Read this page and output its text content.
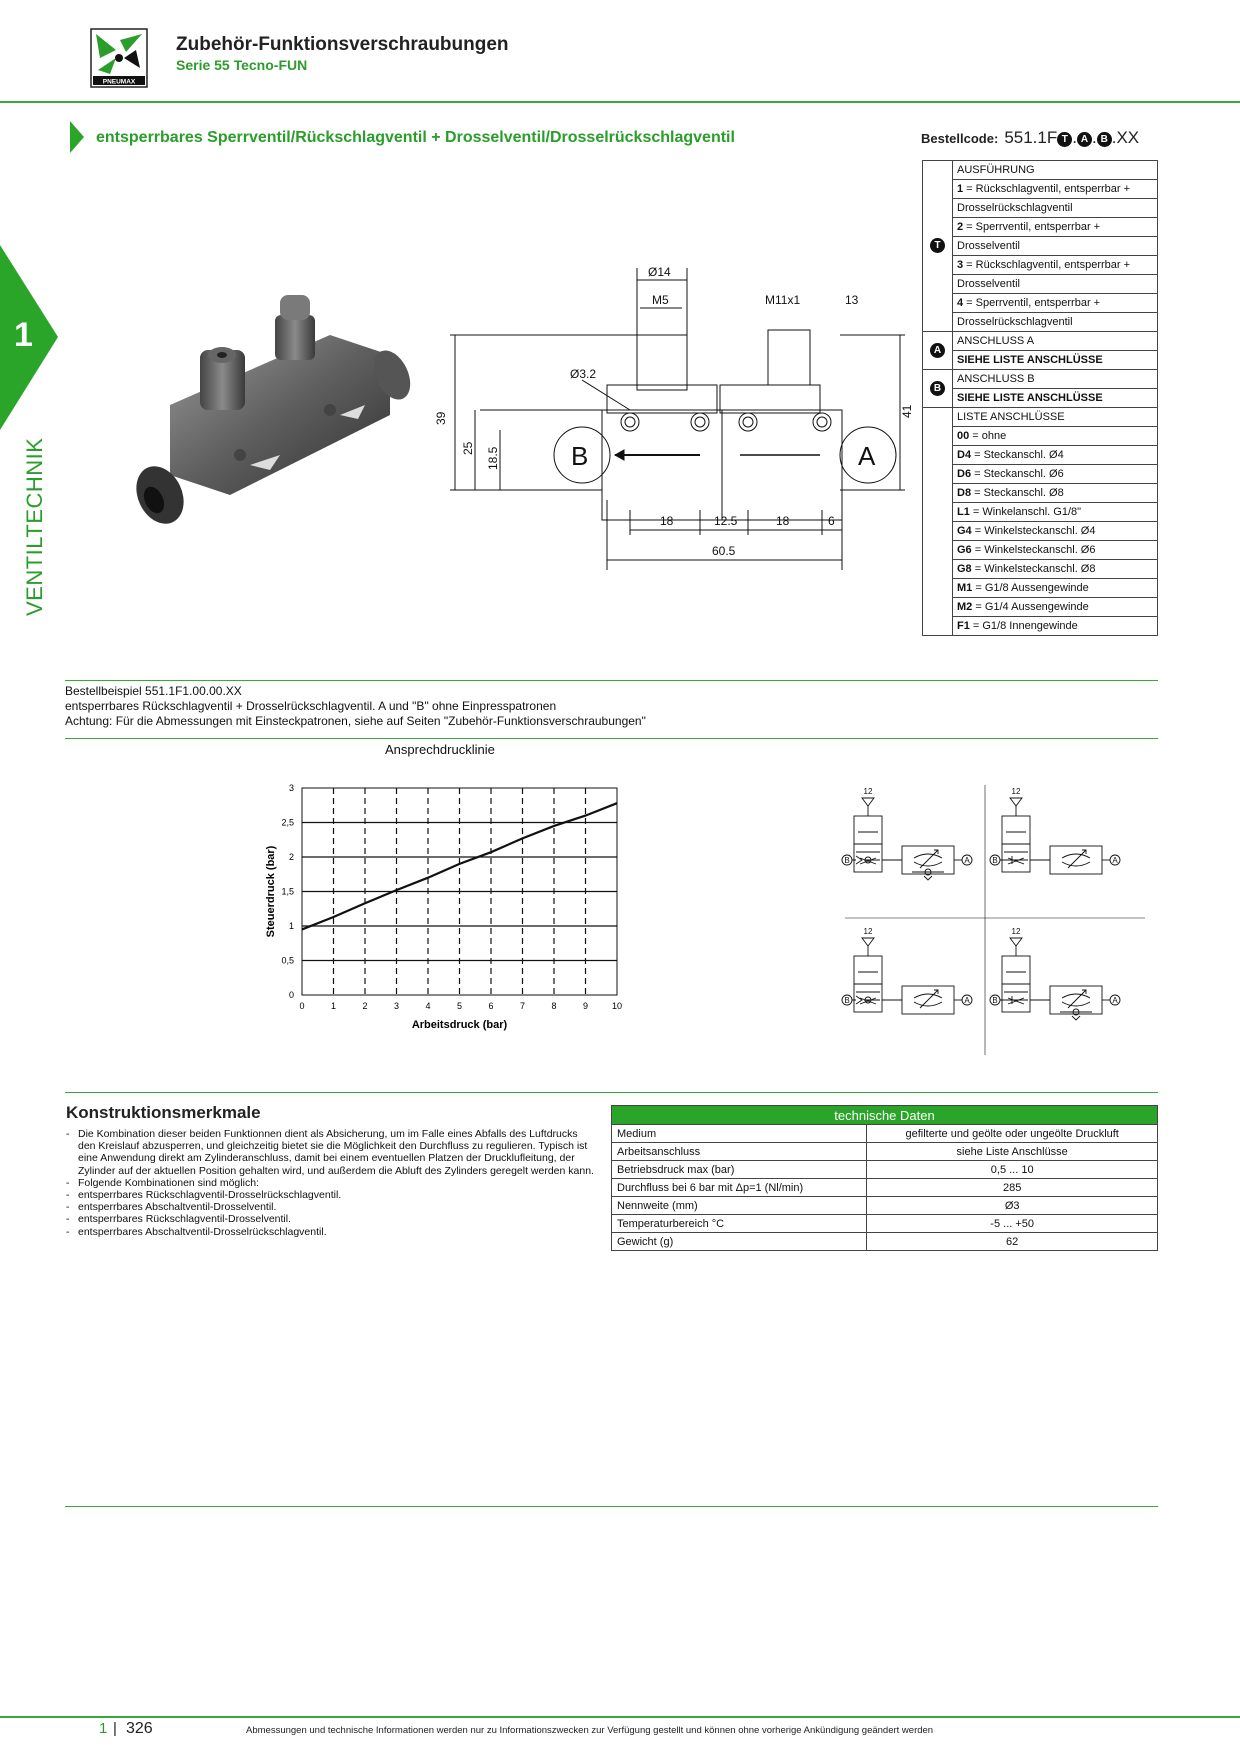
PNEUMAX
Zubehör-Funktionsverschraubungen
Serie 55 Tecno-FUN
1
VENTILTECHNIK
entsperrbares Sperrventil/Rückschlagventil + Drosselventil/Drosselrückschlagventil	Bestellcode: 551.1F T . A . B .XX
T	AUSFÜHRUNG
	1 = Rückschlagventil, entsperrbar +
	Drosselrückschlagventil
	2 = Sperrventil, entsperrbar +
	Drosselventil
	3 = Rückschlagventil, entsperrbar +
	Drosselventil
	4 = Sperrventil, entsperrbar +
	Drosselrückschlagventil
A	ANSCHLUSS A
	SIEHE LISTE ANSCHLÜSSE
B	ANSCHLUSS B
	SIEHE LISTE ANSCHLÜSSE
	LISTE ANSCHLÜSSE
	00 = ohne
	D4 = Steckanschl. Ø4
	D6 = Steckanschl. Ø6
	D8 = Steckanschl. Ø8
	L1 = Winkelanschl. G1/8"
	G4 = Winkelsteckanschl. Ø4
	G6 = Winkelsteckanschl. Ø6
	G8 = Winkelsteckanschl. Ø8
	M1 = G1/8 Aussengewinde
	M2 = G1/4 Aussengewinde
	F1 = G1/8 Innengewinde
Ø14
M5	M11x1	13
Ø3.2
39
25 18.5
41
B	A
18	12.5	18	6
60.5
Bestellbeispiel 551.1F1.00.00.XX
entsperrbares Rückschlagventil + Drosselrückschlagventil. A und "B" ohne Einpresspatronen
Achtung: Für die Abmessungen mit Einsteckpatronen, siehe auf Seiten "Zubehör-Funktionsverschraubungen"
Ansprechdrucklinie
0	1	2	3	4	5	6	7	8	9	10
0
0,5
1
1,5
2
2,5
3
Arbeitsdruck (bar)
Steuerdruck (bar)
12
B	A
12
B	A
12
B	A
12
B	A
Konstruktionsmerkmale
- Die Kombination dieser beiden Funktionnen dient als Absicherung, um im Falle eines Abfalls des Luftdrucks den Kreislauf abzusperren, und gleichzeitig bietet sie die Möglichkeit den Durchfluss zu regulieren. Typisch ist eine Anwendung direkt am Zylinderanschluss, damit bei einem eventuellen Platzen der Drucklufleitung, der Zylinder auf der aktuellen Position gehalten wird, und außerdem die Abluft des Zylinders geregelt werden kann.
- Folgende Kombinationen sind möglich:
- entsperrbares Rückschlagventil-Drosselrückschlagventil.
- entsperrbares Abschaltventil-Drosselventil.
- entsperrbares Rückschlagventil-Drosselventil.
- entsperrbares Abschaltventil-Drosselrückschlagventil.
technische Daten	
Medium	gefilterte und geölte oder ungeölte Druckluft
Arbeitsanschluss	siehe Liste Anschlüsse
Betriebsdruck max (bar)	0,5 ... 10
Durchfluss bei 6 bar mit Δp=1 (Nl/min)	285
Nennweite (mm)	Ø3
Temperaturbereich °C	-5 ... +50
Gewicht (g)	62
1 | 326	Abmessungen und technische Informationen werden nur zu Informationszwecken zur Verfügung gestellt und können ohne vorherige Ankündigung geändert werden
